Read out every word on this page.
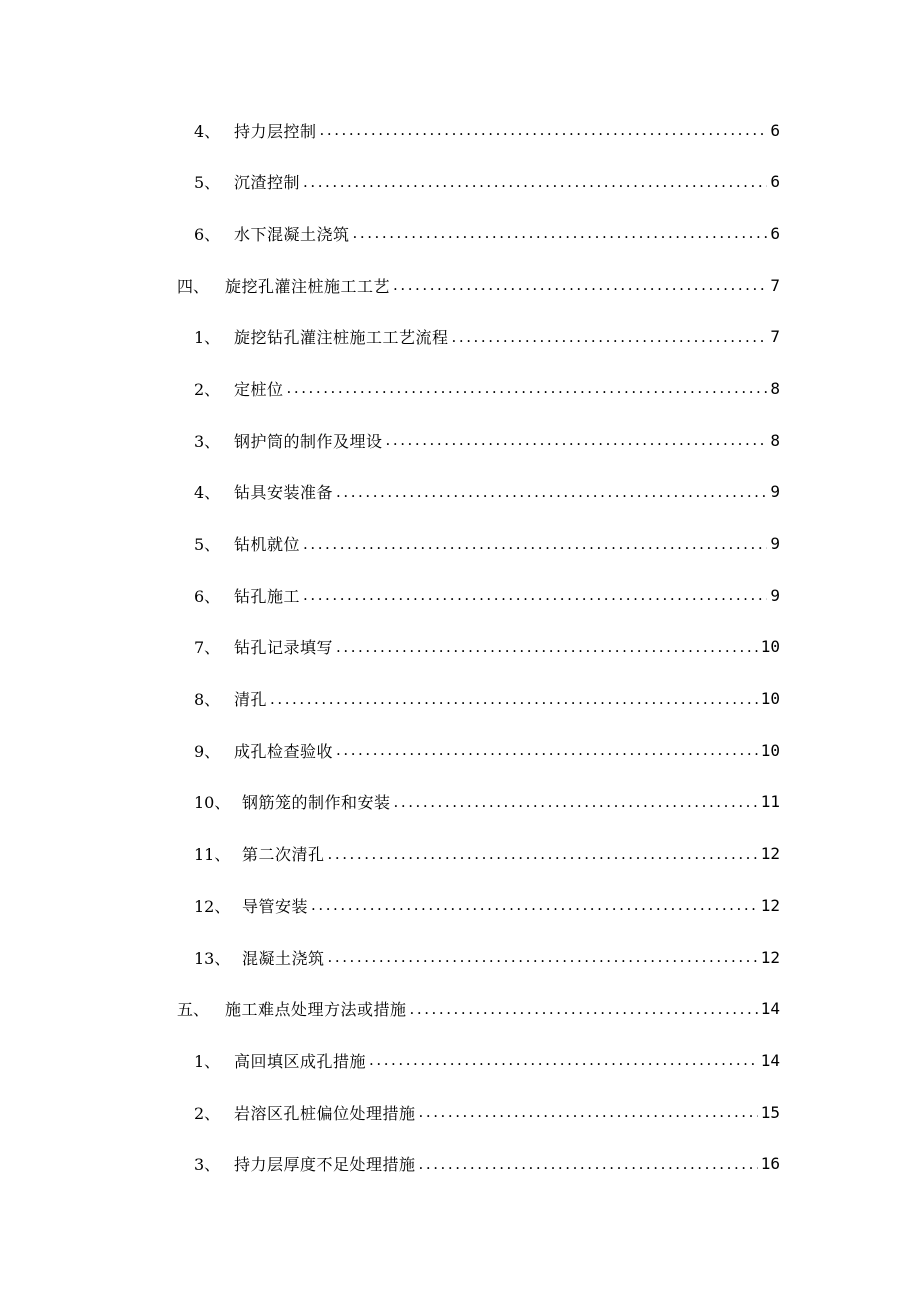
4、 持力层控制 . . .	6
5、 沉渣控制 . . .	6
6、 水下混凝土浇筑 . . .	6
四、 旋挖孔灌注桩施工工艺 . . .	7
1、 旋挖钻孔灌注桩施工工艺流程 . . .	7
2、 定桩位 . . .	8
3、 钢护筒的制作及埋设 . . .	8
4、 钻具安装准备 . . .	9
5、 钻机就位 . . .	9
6、 钻孔施工 . . .	9
7、 钻孔记录填写 . . .	10
8、 清孔 . . .	10
9、 成孔检查验收 . . .	10
10、 钢筋笼的制作和安装 . . .	11
11、 第二次清孔 . . .	12
12、 导管安装 . . .	12
13、 混凝土浇筑 . . .	12
五、 施工难点处理方法或措施 . . .	14
1、 高回填区成孔措施 . . .	14
2、 岩溶区孔桩偏位处理措施 . . .	15
3、 持力层厚度不足处理措施 . . .	16
